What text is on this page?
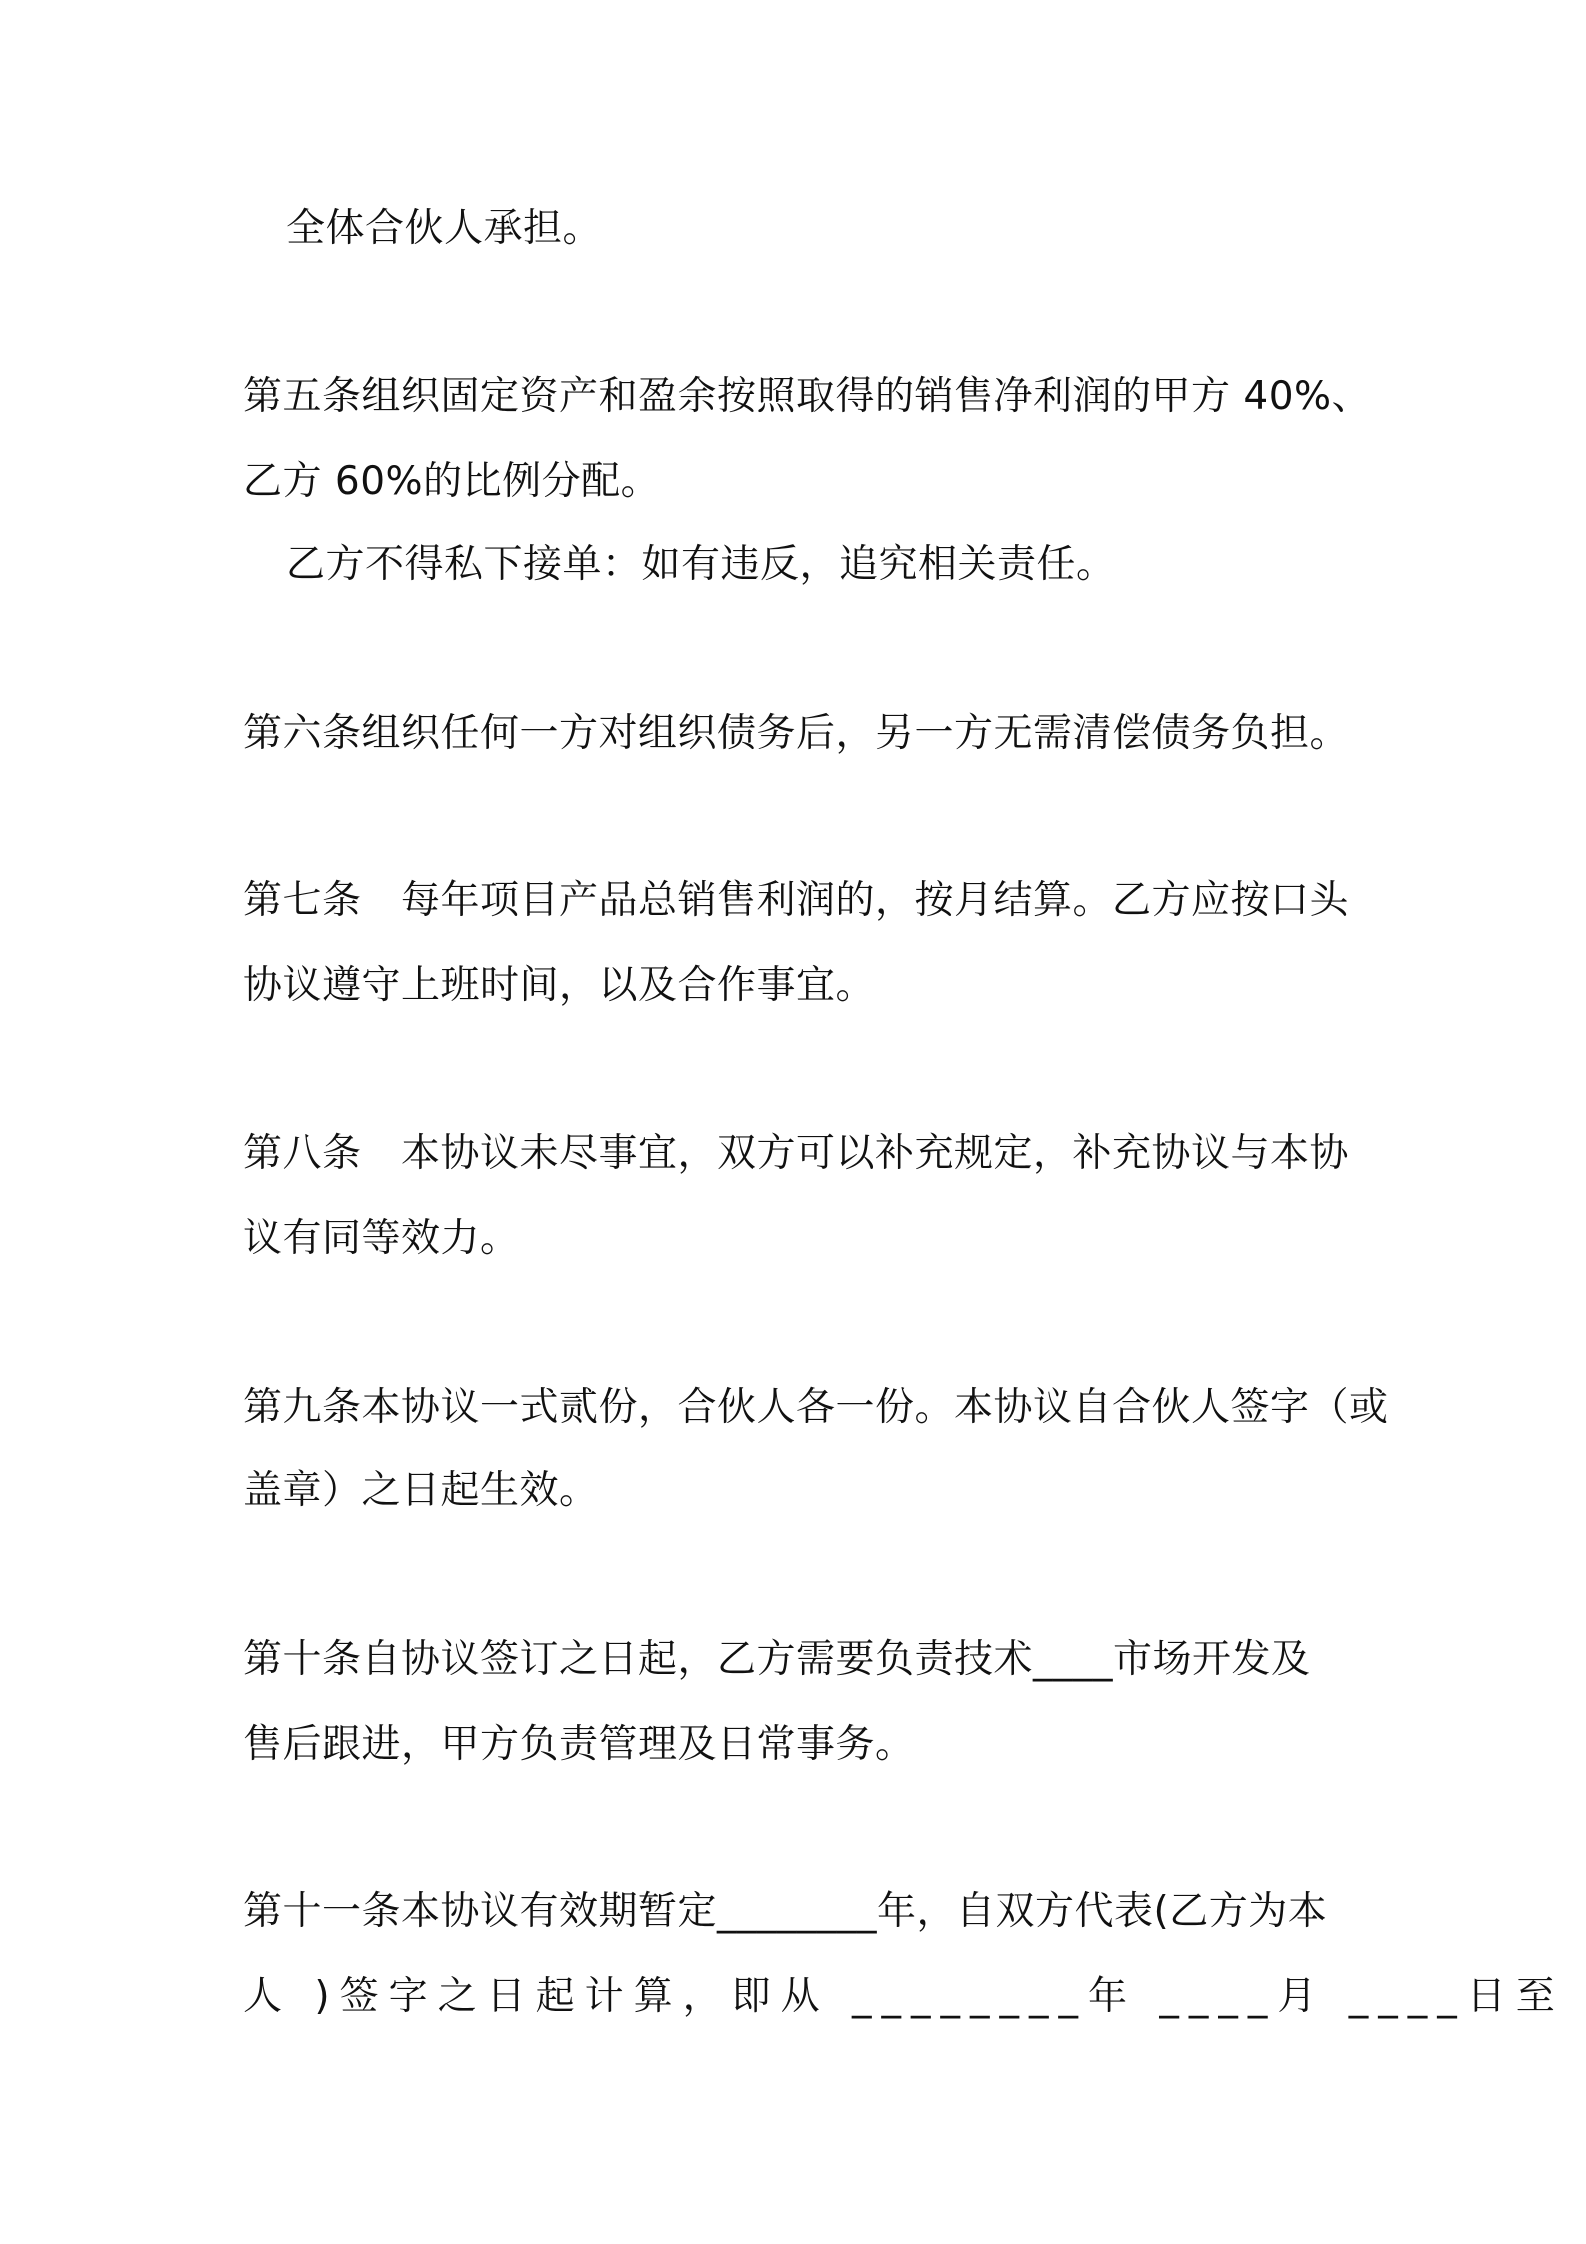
全体合伙人承担。
第五条组织固定资产和盈余按照取得的销售净利润的甲方 40%、
乙方 60%的比例分配。
乙方不得私下接单：如有违反，追究相关责任。
第六条组织任何一方对组织债务后，另一方无需清偿债务负担。
第七条　每年项目产品总销售利润的，按月结算。乙方应按口头
协议遵守上班时间，以及合作事宜。
第八条　本协议未尽事宜，双方可以补充规定，补充协议与本协
议有同等效力。
第九条本协议一式贰份，合伙人各一份。本协议自合伙人签字（或
盖章）之日起生效。
第十条自协议签订之日起，乙方需要负责技术____市场开发及
售后跟进，甲方负责管理及日常事务。
第十一条本协议有效期暂定________年，自双方代表(乙方为本
人 )签字之日起计算，即从 ________年 ____月 ____日至
